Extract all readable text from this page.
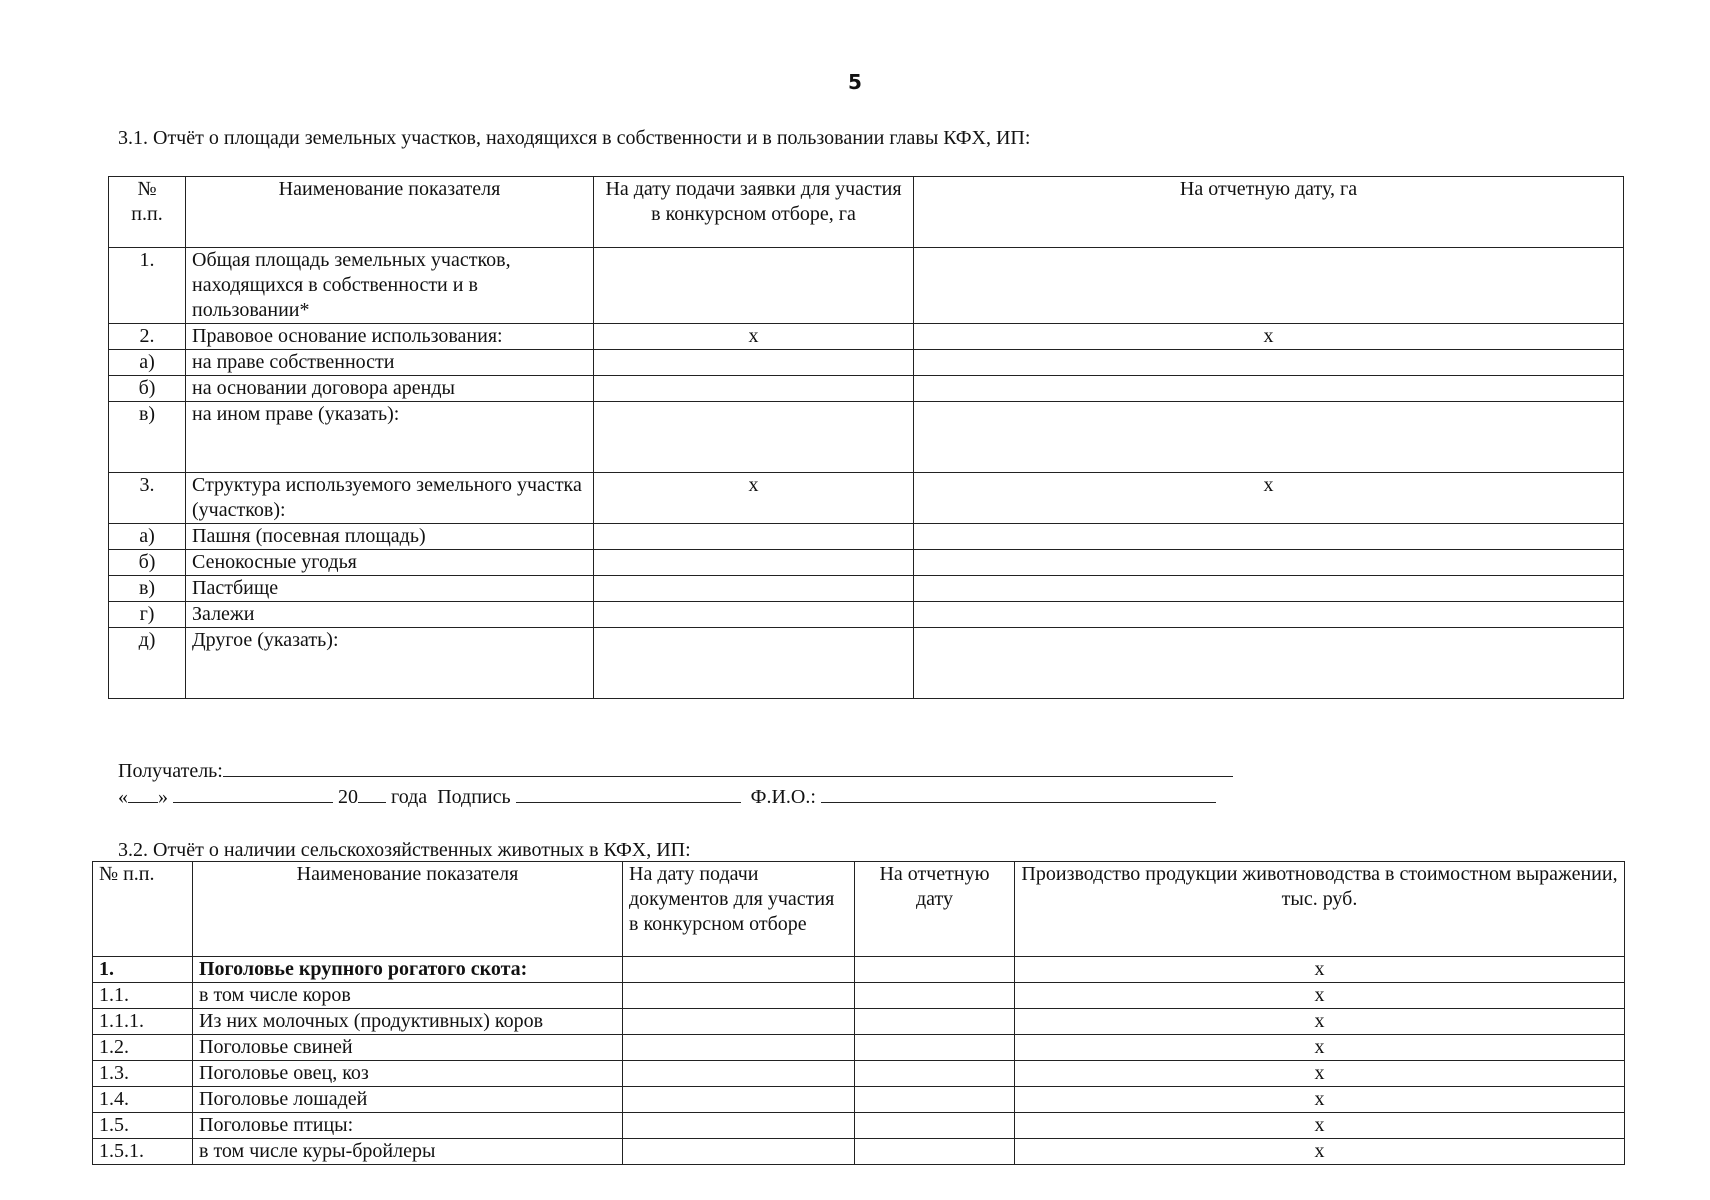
5
3.1. Отчёт о площади земельных участков, находящихся в собственности и в пользовании главы КФХ, ИП:
№
п.п.	Наименование показателя	На дату подачи заявки для участия в конкурсном отборе, га	На отчетную дату, га
1.	Общая площадь земельных участков, находящихся в собственности и в пользовании*		
2.	Правовое основание использования:	х	х
а)	на праве собственности		
б)	на основании договора аренды		
в)	на ином праве (указать):		
3.	Структура используемого земельного участка (участков):	х	х
а)	Пашня (посевная площадь)		
б)	Сенокосные угодья		
в)	Пастбище		
г)	Залежи		
д)	Другое (указать):		
Получатель:
« »	20 года Подпись	Ф.И.О.:
3.2. Отчёт о наличии сельскохозяйственных животных в КФХ, ИП:
№ п.п.	Наименование показателя	На дату подачи документов для участия в конкурсном отборе	На отчетную дату	Производство продукции животноводства в стоимостном выражении, тыс. руб.
1.	Поголовье крупного рогатого скота:			х
1.1.	в том числе коров			х
1.1.1.	Из них молочных (продуктивных) коров			х
1.2.	Поголовье свиней			х
1.3.	Поголовье овец, коз			х
1.4.	Поголовье лошадей			х
1.5.	Поголовье птицы:			х
1.5.1.	в том числе куры-бройлеры			х
